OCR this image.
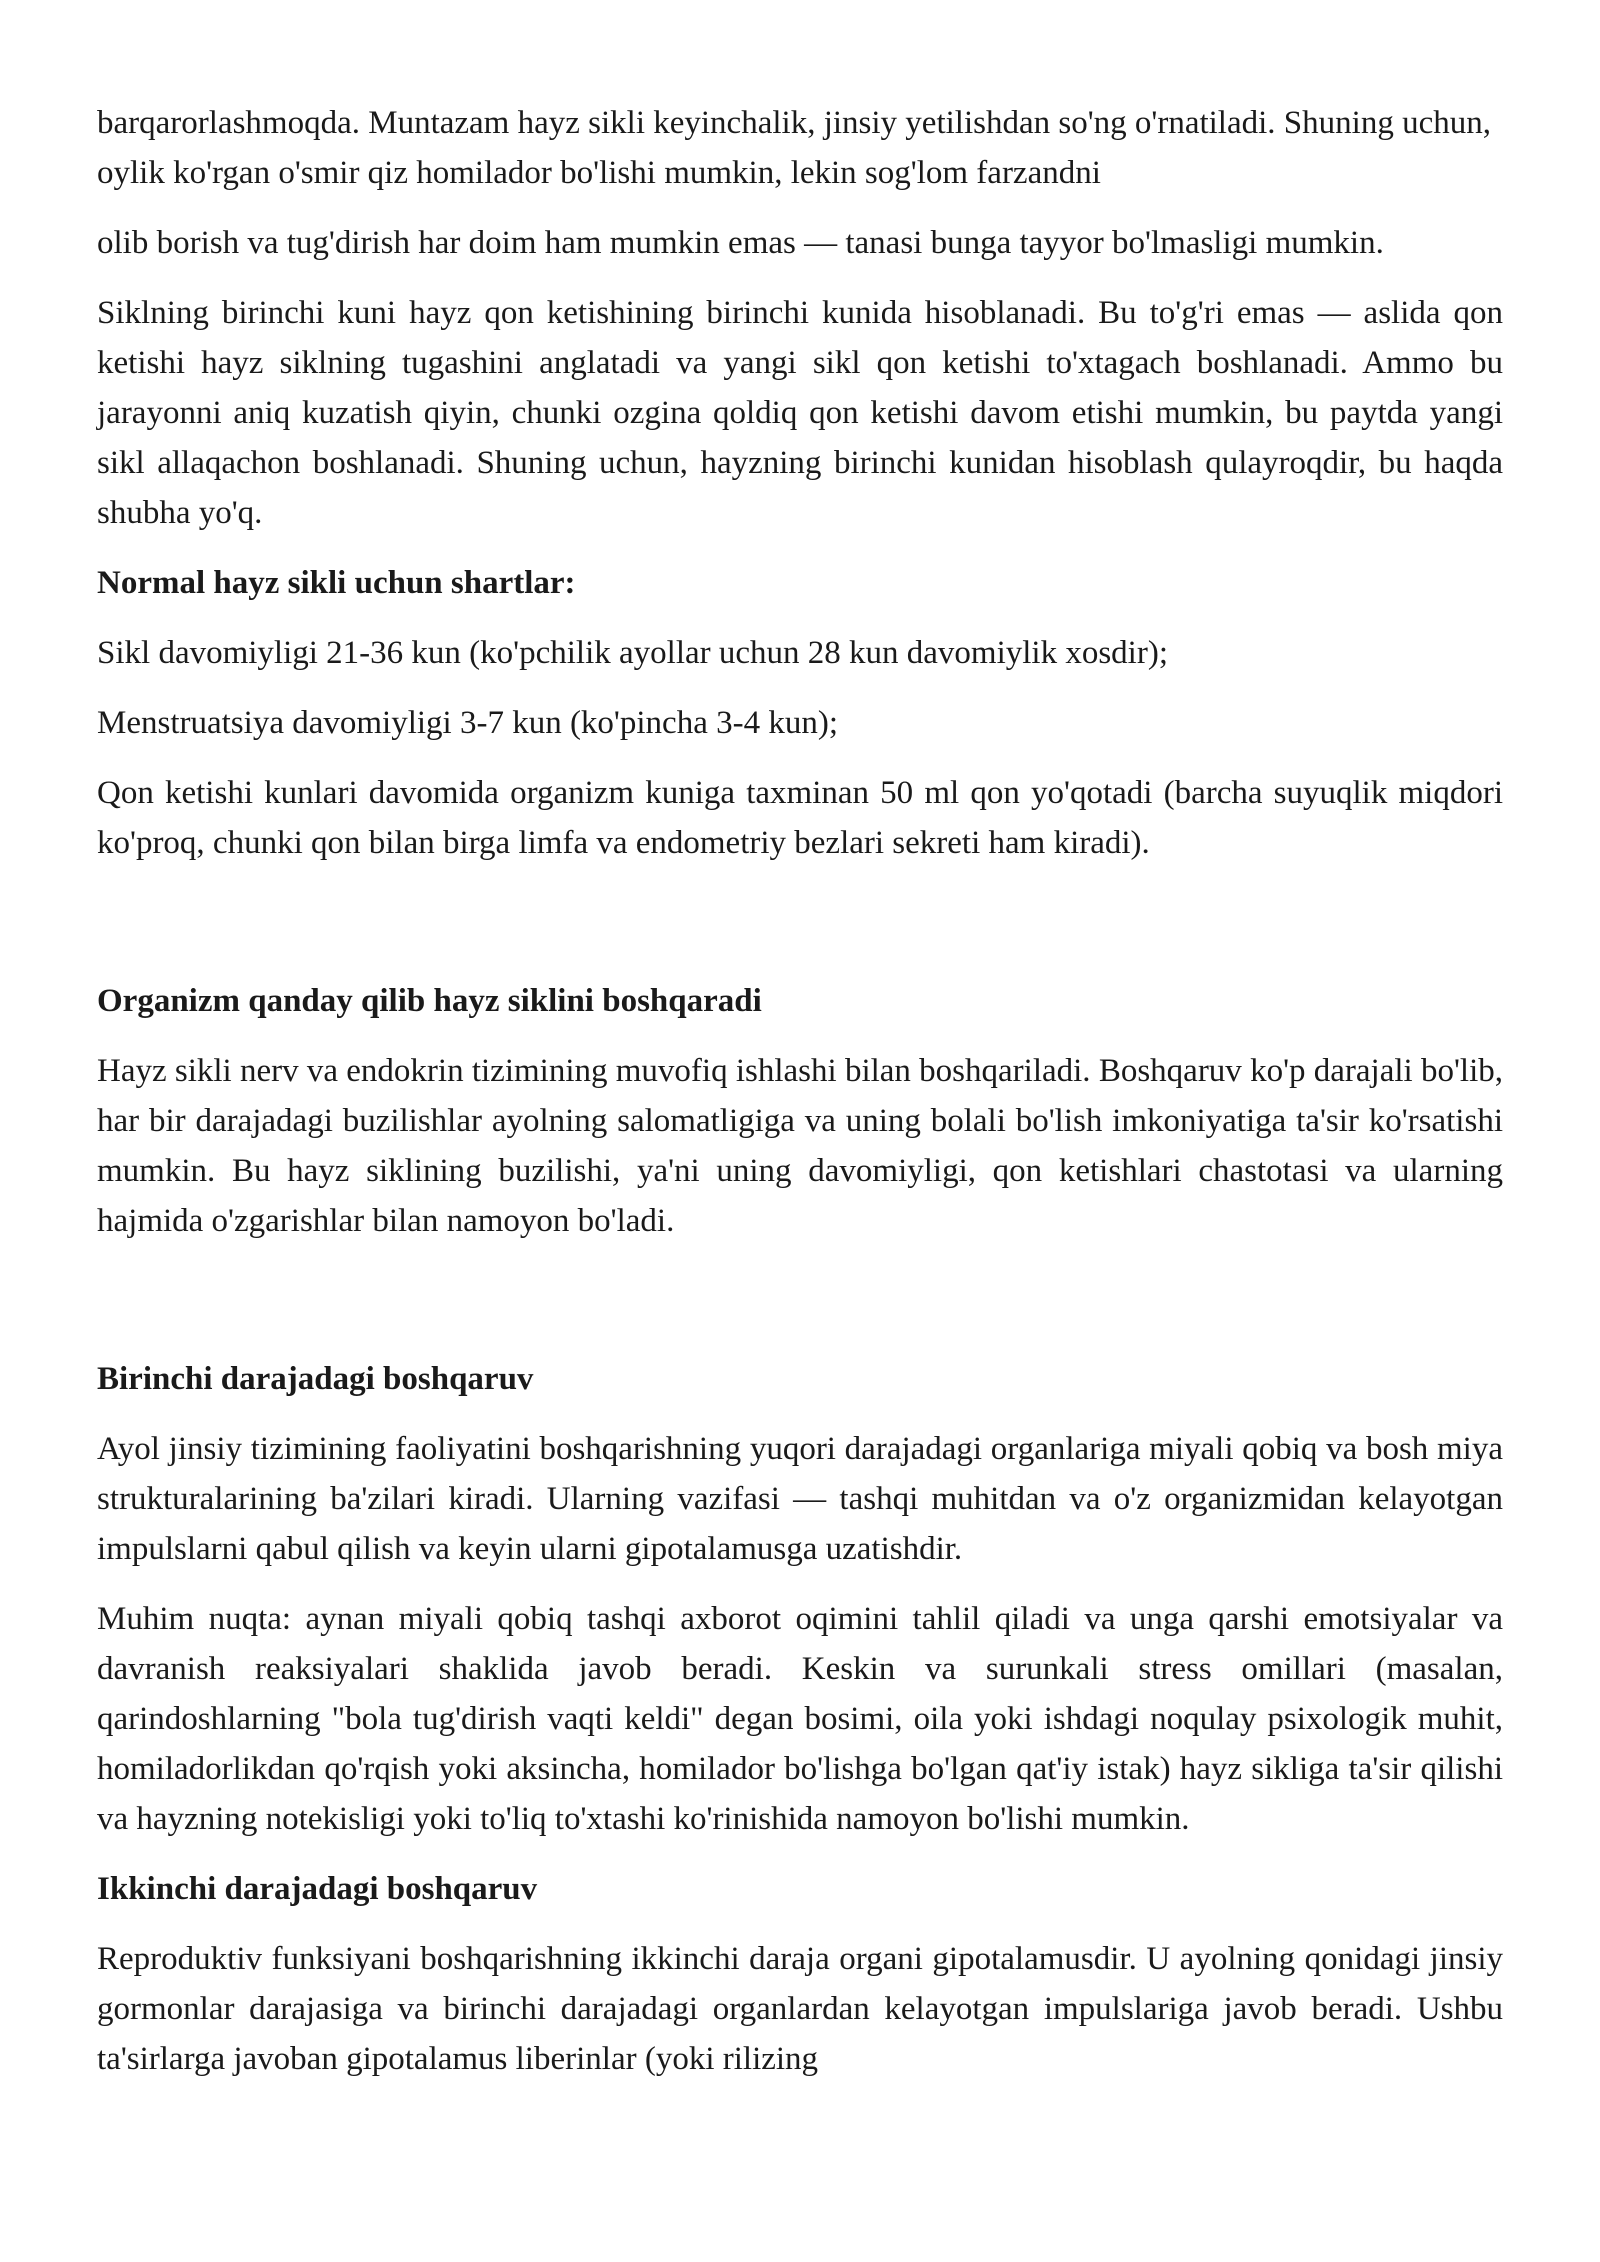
barqarorlashmoqda. Muntazam hayz sikli keyinchalik, jinsiy yetilishdan so'ng o'rnatiladi. Shuning uchun, oylik ko'rgan o'smir qiz homilador bo'lishi mumkin, lekin sog'lom farzandni

olib borish va tug'dirish har doim ham mumkin emas — tanasi bunga tayyor bo'lmasligi mumkin.

Siklning birinchi kuni hayz qon ketishining birinchi kunida hisoblanadi. Bu to'g'ri emas — aslida qon ketishi hayz siklning tugashini anglatadi va yangi sikl qon ketishi to'xtagach boshlanadi. Ammo bu jarayonni aniq kuzatish qiyin, chunki ozgina qoldiq qon ketishi davom etishi mumkin, bu paytda yangi sikl allaqachon boshlanadi. Shuning uchun, hayzning birinchi kunidan hisoblash qulayroqdir, bu haqda shubha yo'q.

Normal hayz sikli uchun shartlar:

Sikl davomiyligi 21-36 kun (ko'pchilik ayollar uchun 28 kun davomiylik xosdir);

Menstruatsiya davomiyligi 3-7 kun (ko'pincha 3-4 kun);

Qon ketishi kunlari davomida organizm kuniga taxminan 50 ml qon yo'qotadi (barcha suyuqlik miqdori ko'proq, chunki qon bilan birga limfa va endometriy bezlari sekreti ham kiradi).

Organizm qanday qilib hayz siklini boshqaradi

Hayz sikli nerv va endokrin tizimining muvofiq ishlashi bilan boshqariladi. Boshqaruv ko'p darajali bo'lib, har bir darajadagi buzilishlar ayolning salomatligiga va uning bolali bo'lish imkoniyatiga ta'sir ko'rsatishi mumkin. Bu hayz siklining buzilishi, ya'ni uning davomiyligi, qon ketishlari chastotasi va ularning hajmida o'zgarishlar bilan namoyon bo'ladi.

Birinchi darajadagi boshqaruv

Ayol jinsiy tizimining faoliyatini boshqarishning yuqori darajadagi organlariga miyali qobiq va bosh miya strukturalarining ba'zilari kiradi. Ularning vazifasi — tashqi muhitdan va o'z organizmidan kelayotgan impulslarni qabul qilish va keyin ularni gipotalamusga uzatishdir.

Muhim nuqta: aynan miyali qobiq tashqi axborot oqimini tahlil qiladi va unga qarshi emotsiyalar va davranish reaksiyalari shaklida javob beradi. Keskin va surunkali stress omillari (masalan, qarindoshlarning "bola tug'dirish vaqti keldi" degan bosimi, oila yoki ishdagi noqulay psixologik muhit, homiladorlikdan qo'rqish yoki aksincha, homilador bo'lishga bo'lgan qat'iy istak) hayz sikliga ta'sir qilishi va hayzning notekisligi yoki to'liq to'xtashi ko'rinishida namoyon bo'lishi mumkin.

Ikkinchi darajadagi boshqaruv

Reproduktiv funksiyani boshqarishning ikkinchi daraja organi gipotalamusdir. U ayolning qonidagi jinsiy gormonlar darajasiga va birinchi darajadagi organlardan kelayotgan impulslariga javob beradi. Ushbu ta'sirlarga javoban gipotalamus liberinlar (yoki rilizing
